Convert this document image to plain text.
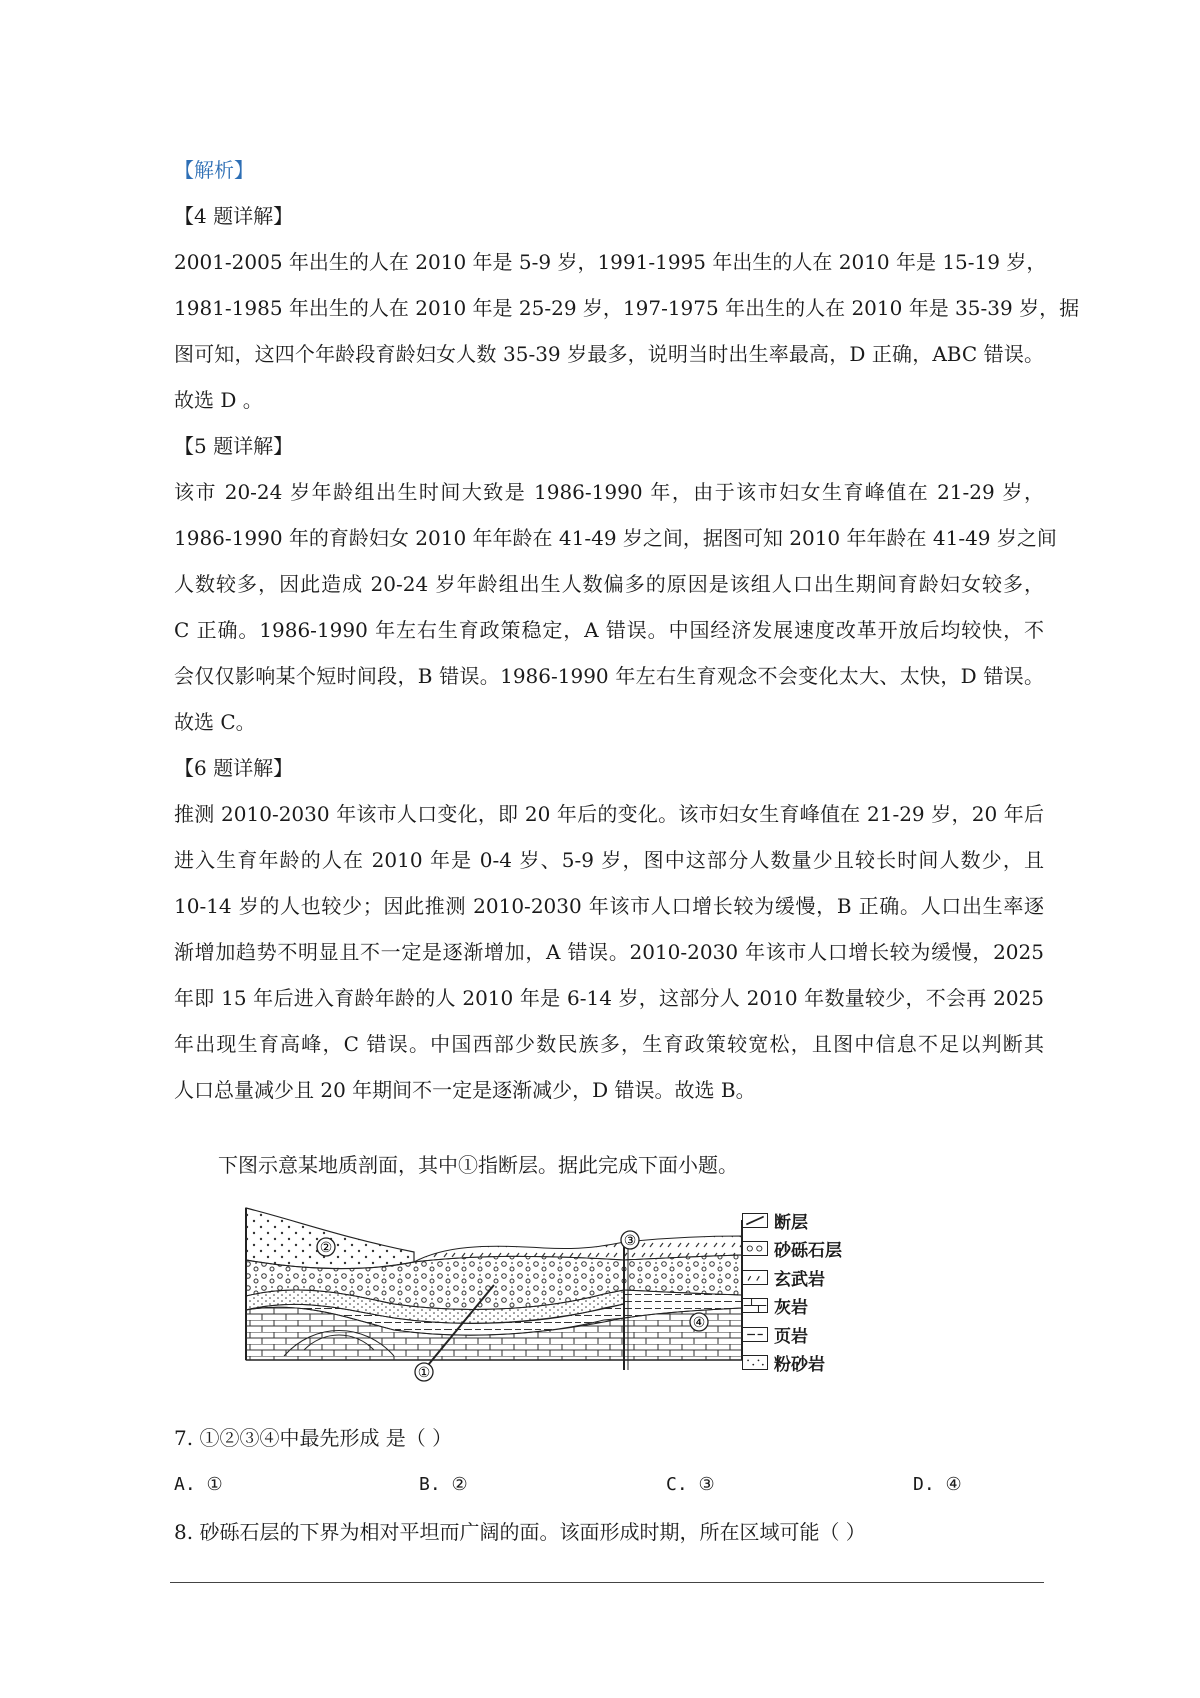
【解析】
【4 题详解】
2001-2005 年出生的人在 2010 年是 5-9 岁，1991-1995 年出生的人在 2010 年是 15-19 岁，
1981-1985 年出生的人在 2010 年是 25-29 岁，197-1975 年出生的人在 2010 年是 35-39 岁，据
图可知，这四个年龄段育龄妇女人数 35-39 岁最多，说明当时出生率最高，D 正确，ABC 错误。
故选 D 。
【5 题详解】
该市 20-24 岁年龄组出生时间大致是 1986-1990 年，由于该市妇女生育峰值在 21-29 岁，
1986-1990 年的育龄妇女 2010 年年龄在 41-49 岁之间，据图可知 2010 年年龄在 41-49 岁之间
人数较多，因此造成 20-24 岁年龄组出生人数偏多的原因是该组人口出生期间育龄妇女较多，
C 正确。1986-1990 年左右生育政策稳定，A 错误。中国经济发展速度改革开放后均较快，不
会仅仅影响某个短时间段，B 错误。1986-1990 年左右生育观念不会变化太大、太快，D 错误。
故选 C。
【6 题详解】
推测 2010-2030 年该市人口变化，即 20 年后的变化。该市妇女生育峰值在 21-29 岁，20 年后
进入生育年龄的人在 2010 年是 0-4 岁、5-9 岁，图中这部分人数量少且较长时间人数少，且
10-14 岁的人也较少；因此推测 2010-2030 年该市人口增长较为缓慢，B 正确。人口出生率逐
渐增加趋势不明显且不一定是逐渐增加，A 错误。2010-2030 年该市人口增长较为缓慢，2025
年即 15 年后进入育龄年龄的人 2010 年是 6-14 岁，这部分人 2010 年数量较少，不会再 2025
年出现生育高峰，C 错误。中国西部少数民族多，生育政策较宽松，且图中信息不足以判断其
人口总量减少且 20 年期间不一定是逐渐减少，D 错误。故选 B。
下图示意某地质剖面，其中①指断层。据此完成下面小题。
①
②	③
④
断层
砂砾石层
玄武岩
灰岩
页岩
粉砂岩
7. ①②③④中最先形成 是（ ）
A. ①	B. ②	C. ③	D. ④
8. 砂砾石层的下界为相对平坦而广阔的面。该面形成时期，所在区域可能（ ）
